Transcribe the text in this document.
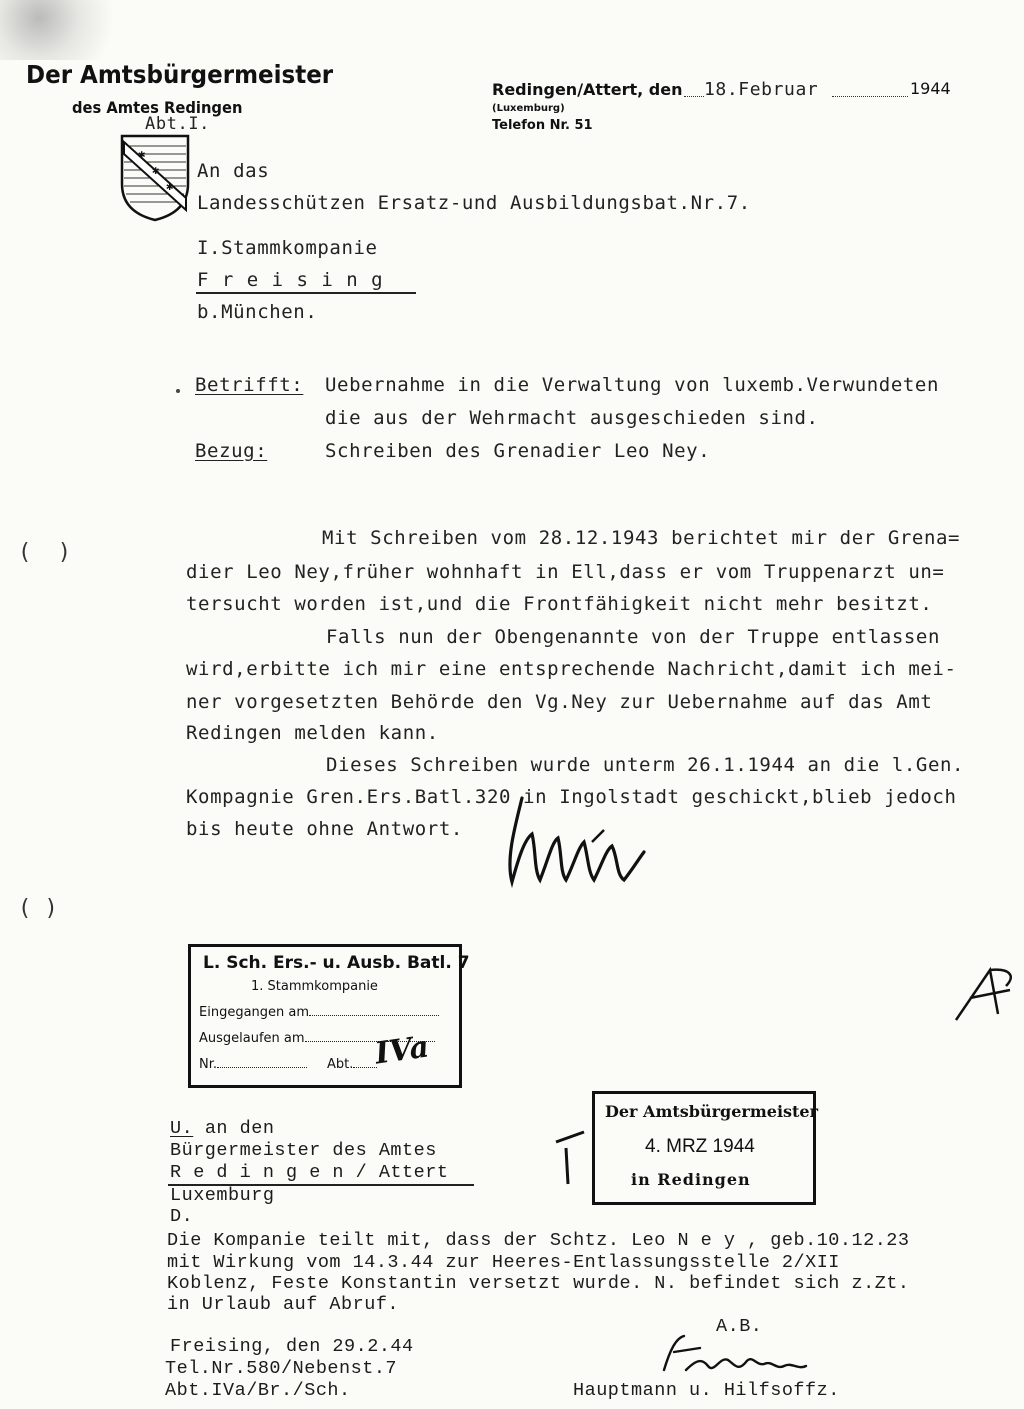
Der Amtsbürgermeister
des Amtes Redingen
Abt.I.
Redingen/Attert, den 18.Februar	1944
(Luxemburg)
Telefon Nr. 51
✱
✱
✱
An das
Landesschützen Ersatz-und Ausbildungsbat.Nr.7.
I.Stammkompanie
F r e i s i n g
b.München.
Betrifft: Uebernahme in die Verwaltung von luxemb.Verwundeten
die aus der Wehrmacht ausgeschieden sind.
Bezug:	Schreiben des Grenadier Leo Ney.
Mit Schreiben vom 28.12.1943 berichtet mir der Grena=
dier Leo Ney,früher wohnhaft in Ell,dass er vom Truppenarzt un=
tersucht worden ist,und die Frontfähigkeit nicht mehr besitzt.
Falls nun der Obengenannte von der Truppe entlassen
wird,erbitte ich mir eine entsprechende Nachricht,damit ich mei-
ner vorgesetzten Behörde den Vg.Ney zur Uebernahme auf das Amt
Redingen melden kann.
Dieses Schreiben wurde unterm 26.1.1944 an die l.Gen.
Kompagnie Gren.Ers.Batl.320 in Ingolstadt geschickt,blieb jedoch
bis heute ohne Antwort.
(  )
( )
L. Sch. Ers.- u. Ausb. Batl. 7
1. Stammkompanie
Eingegangen am
Ausgelaufen am
Nr.	Abt. IVa
U. an den
Bürgermeister des Amtes
R e d i n g e n / Attert
Luxemburg
D.
Der Amtsbürgermeister
4. MRZ 1944
in Redingen
Die Kompanie teilt mit, dass der Schtz. Leo N e y , geb.10.12.23
mit Wirkung vom 14.3.44 zur Heeres-Entlassungsstelle 2/XII
Koblenz, Feste Konstantin versetzt wurde. N. befindet sich z.Zt.
in Urlaub auf Abruf.
Freising, den 29.2.44
Tel.Nr.580/Nebenst.7
Abt.IVa/Br./Sch.
A.B.
Hauptmann u. Hilfsoffz.
